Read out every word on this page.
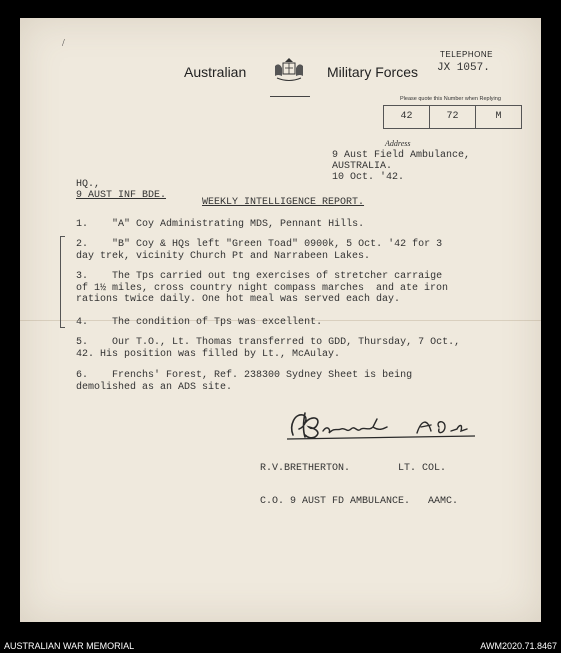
/
Australian	Military Forces
TELEPHONE
JX 1057.
Please quote this Number when Replying
42	72	M
Address
9 Aust Field Ambulance,
AUSTRALIA.
10 Oct. '42.
HQ.,
9 AUST INF BDE.
WEEKLY INTELLIGENCE REPORT.
1. "A" Coy Administrating MDS, Pennant Hills.
2. "B" Coy & HQs left "Green Toad" 0900k, 5 Oct. '42 for 3
day trek, vicinity Church Pt and Narrabeen Lakes.
3. The Tps carried out tng exercises of stretcher carraige
of 1½ miles, cross country night compass marches  and ate iron
rations twice daily. One hot meal was served each day.
4. The condition of Tps was excellent.
5. Our T.O., Lt. Thomas transferred to GDD, Thursday, 7 Oct.,
42. His position was filled by Lt., McAulay.
6. Frenchs' Forest, Ref. 238300 Sydney Sheet is being
demolished as an ADS site.

R.V.BRETHERTON.        LT. COL.

C.O. 9 AUST FD AMBULANCE.   AAMC.

AUSTRALIAN WAR MEMORIAL	AWM2020.71.8467
